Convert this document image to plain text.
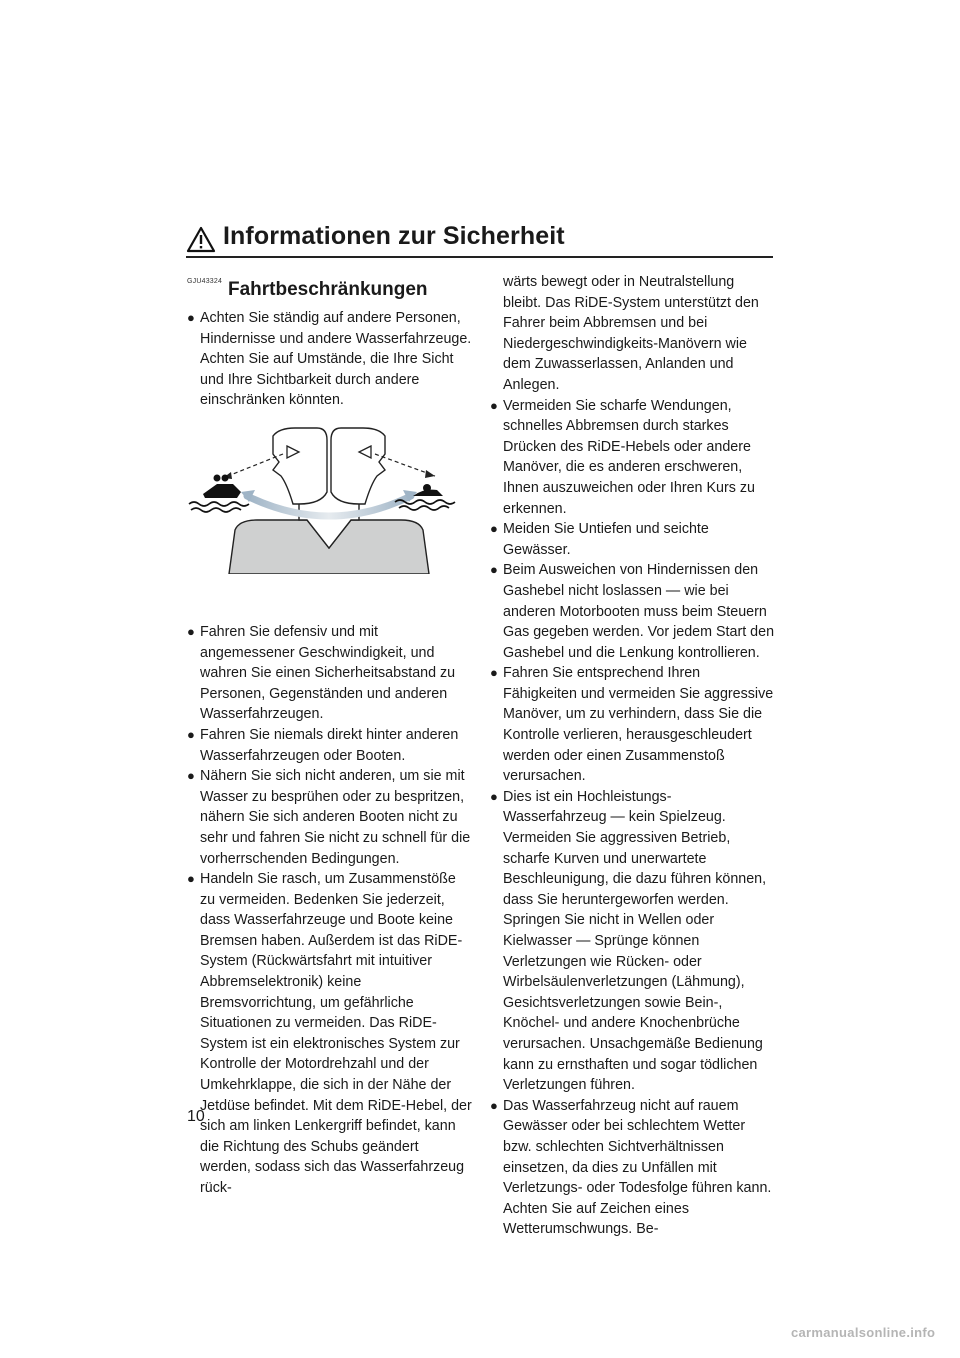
Informationen zur Sicherheit
GJU43324 Fahrtbeschränkungen
● Achten Sie ständig auf andere Personen, Hindernisse und andere Wasserfahrzeuge. Achten Sie auf Umstände, die Ihre Sicht und Ihre Sichtbarkeit durch andere einschränken könnten.
● Fahren Sie defensiv und mit angemessener Geschwindigkeit, und wahren Sie einen Sicherheitsabstand zu Personen, Gegenständen und anderen Wasserfahrzeugen.
● Fahren Sie niemals direkt hinter anderen Wasserfahrzeugen oder Booten.
● Nähern Sie sich nicht anderen, um sie mit Wasser zu besprühen oder zu bespritzen, nähern Sie sich anderen Booten nicht zu sehr und fahren Sie nicht zu schnell für die vorherrschenden Bedingungen.
● Handeln Sie rasch, um Zusammenstöße zu vermeiden. Bedenken Sie jederzeit, dass Wasserfahrzeuge und Boote keine Bremsen haben. Außerdem ist das RiDE-System (Rückwärtsfahrt mit intuitiver Abbremselektronik) keine Bremsvorrichtung, um gefährliche Situationen zu vermeiden. Das RiDE-System ist ein elektronisches System zur Kontrolle der Motordrehzahl und der Umkehrklappe, die sich in der Nähe der Jetdüse befindet. Mit dem RiDE-Hebel, der sich am linken Lenkergriff befindet, kann die Richtung des Schubs geändert werden, sodass sich das Wasserfahrzeug rück-
wärts bewegt oder in Neutralstellung bleibt. Das RiDE-System unterstützt den Fahrer beim Abbremsen und bei Niedergeschwindigkeits-Manövern wie dem Zuwasserlassen, Anlanden und Anlegen.
● Vermeiden Sie scharfe Wendungen, schnelles Abbremsen durch starkes Drücken des RiDE-Hebels oder andere Manöver, die es anderen erschweren, Ihnen auszuweichen oder Ihren Kurs zu erkennen.
● Meiden Sie Untiefen und seichte Gewässer.
● Beim Ausweichen von Hindernissen den Gashebel nicht loslassen — wie bei anderen Motorbooten muss beim Steuern Gas gegeben werden. Vor jedem Start den Gashebel und die Lenkung kontrollieren.
● Fahren Sie entsprechend Ihren Fähigkeiten und vermeiden Sie aggressive Manöver, um zu verhindern, dass Sie die Kontrolle verlieren, herausgeschleudert werden oder einen Zusammenstoß verursachen.
● Dies ist ein Hochleistungs-Wasserfahrzeug — kein Spielzeug. Vermeiden Sie aggressiven Betrieb, scharfe Kurven und unerwartete Beschleunigung, die dazu führen können, dass Sie heruntergeworfen werden. Springen Sie nicht in Wellen oder Kielwasser — Sprünge können Verletzungen wie Rücken- oder Wirbelsäulenverletzungen (Lähmung), Gesichtsverletzungen sowie Bein-, Knöchel- und andere Knochenbrüche verursachen. Unsachgemäße Bedienung kann zu ernsthaften und sogar tödlichen Verletzungen führen.
● Das Wasserfahrzeug nicht auf rauem Gewässer oder bei schlechtem Wetter bzw. schlechten Sichtverhältnissen einsetzen, da dies zu Unfällen mit Verletzungs- oder Todesfolge führen kann. Achten Sie auf Zeichen eines Wetterumschwungs. Be-
10
carmanualsonline.info
